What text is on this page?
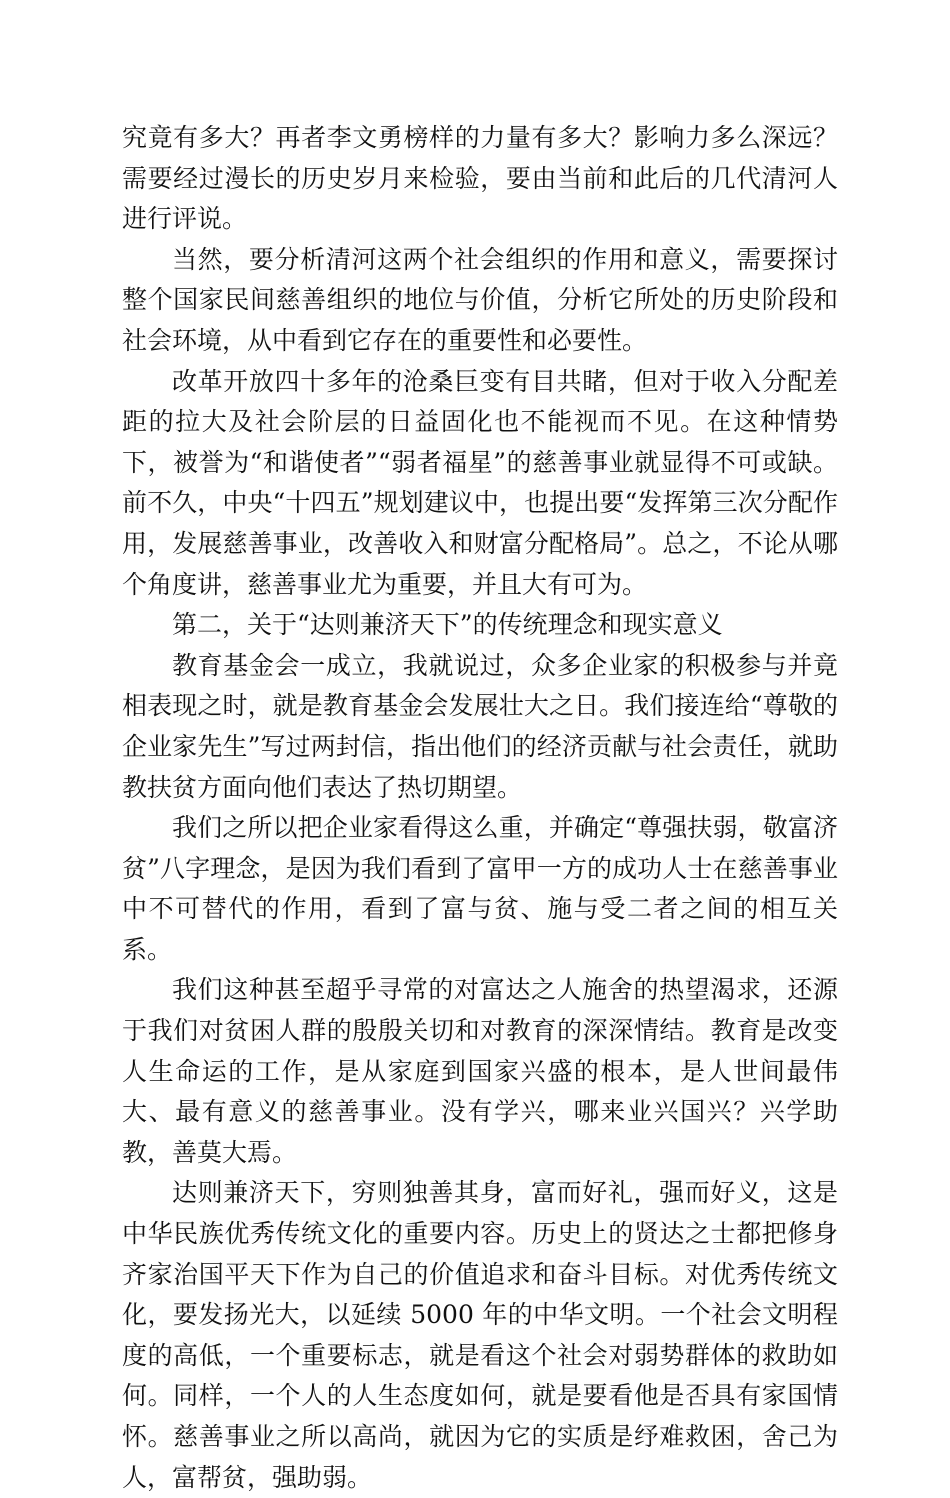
究竟有多大？再者李文勇榜样的力量有多大？影响力多么深远？需要经过漫长的历史岁月来检验，要由当前和此后的几代清河人进行评说。

当然，要分析清河这两个社会组织的作用和意义，需要探讨整个国家民间慈善组织的地位与价值，分析它所处的历史阶段和社会环境，从中看到它存在的重要性和必要性。

改革开放四十多年的沧桑巨变有目共睹，但对于收入分配差距的拉大及社会阶层的日益固化也不能视而不见。在这种情势下，被誉为“和谐使者”“弱者福星”的慈善事业就显得不可或缺。前不久，中央“十四五”规划建议中，也提出要“发挥第三次分配作用，发展慈善事业，改善收入和财富分配格局”。总之，不论从哪个角度讲，慈善事业尤为重要，并且大有可为。

第二，关于“达则兼济天下”的传统理念和现实意义

教育基金会一成立，我就说过，众多企业家的积极参与并竟相表现之时，就是教育基金会发展壮大之日。我们接连给“尊敬的企业家先生”写过两封信，指出他们的经济贡献与社会责任，就助教扶贫方面向他们表达了热切期望。

我们之所以把企业家看得这么重，并确定“尊强扶弱，敬富济贫”八字理念，是因为我们看到了富甲一方的成功人士在慈善事业中不可替代的作用，看到了富与贫、施与受二者之间的相互关系。

我们这种甚至超乎寻常的对富达之人施舍的热望渴求，还源于我们对贫困人群的殷殷关切和对教育的深深情结。教育是改变人生命运的工作，是从家庭到国家兴盛的根本，是人世间最伟大、最有意义的慈善事业。没有学兴，哪来业兴国兴？兴学助教，善莫大焉。

达则兼济天下，穷则独善其身，富而好礼，强而好义，这是中华民族优秀传统文化的重要内容。历史上的贤达之士都把修身齐家治国平天下作为自己的价值追求和奋斗目标。对优秀传统文化，要发扬光大，以延续 5000 年的中华文明。一个社会文明程度的高低，一个重要标志，就是看这个社会对弱势群体的救助如何。同样，一个人的人生态度如何，就是要看他是否具有家国情怀。慈善事业之所以高尚，就因为它的实质是纾难救困，舍己为人，富帮贫，强助弱。
